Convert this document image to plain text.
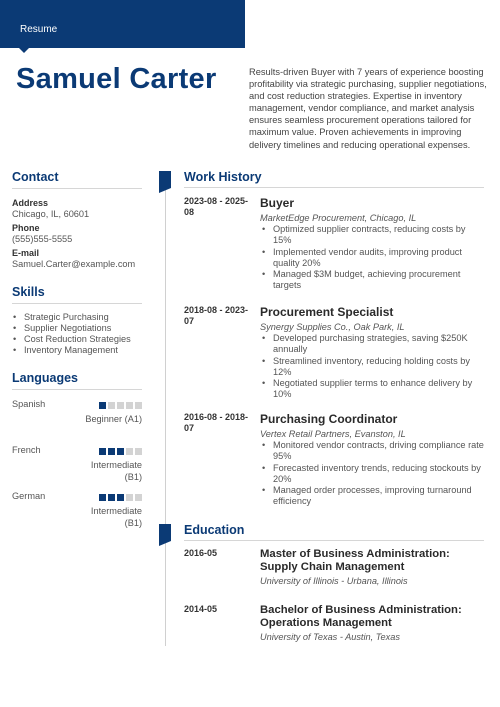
Resume
Samuel Carter	Results-driven Buyer with 7 years of experience boosting profitability via strategic purchasing, supplier negotiations, and cost reduction strategies. Expertise in inventory management, vendor compliance, and market analysis ensures seamless procurement operations tailored for maximum value. Proven achievements in improving delivery timelines and reducing operational expenses.
Contact
Address
Chicago, IL, 60601
Phone
(555)555-5555
E-mail
Samuel.Carter@example.com
Skills
• Strategic Purchasing
• Supplier Negotiations
• Cost Reduction Strategies
• Inventory Management
Languages
Spanish
Beginner (A1)
French
Intermediate (B1)
German
Intermediate (B1)
Work History
2023-08 - 2025-08
Buyer
MarketEdge Procurement, Chicago, IL
• Optimized supplier contracts, reducing costs by 15%
• Implemented vendor audits, improving product quality 20%
• Managed $3M budget, achieving procurement targets
2018-08 - 2023-07
Procurement Specialist
Synergy Supplies Co., Oak Park, IL
• Developed purchasing strategies, saving $250K annually
• Streamlined inventory, reducing holding costs by 12%
• Negotiated supplier terms to enhance delivery by 10%
2016-08 - 2018-07
Purchasing Coordinator
Vertex Retail Partners, Evanston, IL
• Monitored vendor contracts, driving compliance rate 95%
• Forecasted inventory trends, reducing stockouts by 20%
• Managed order processes, improving turnaround efficiency
Education
2016-05	Master of Business Administration: Supply Chain Management
University of Illinois - Urbana, Illinois
2014-05	Bachelor of Business Administration: Operations Management
University of Texas - Austin, Texas
